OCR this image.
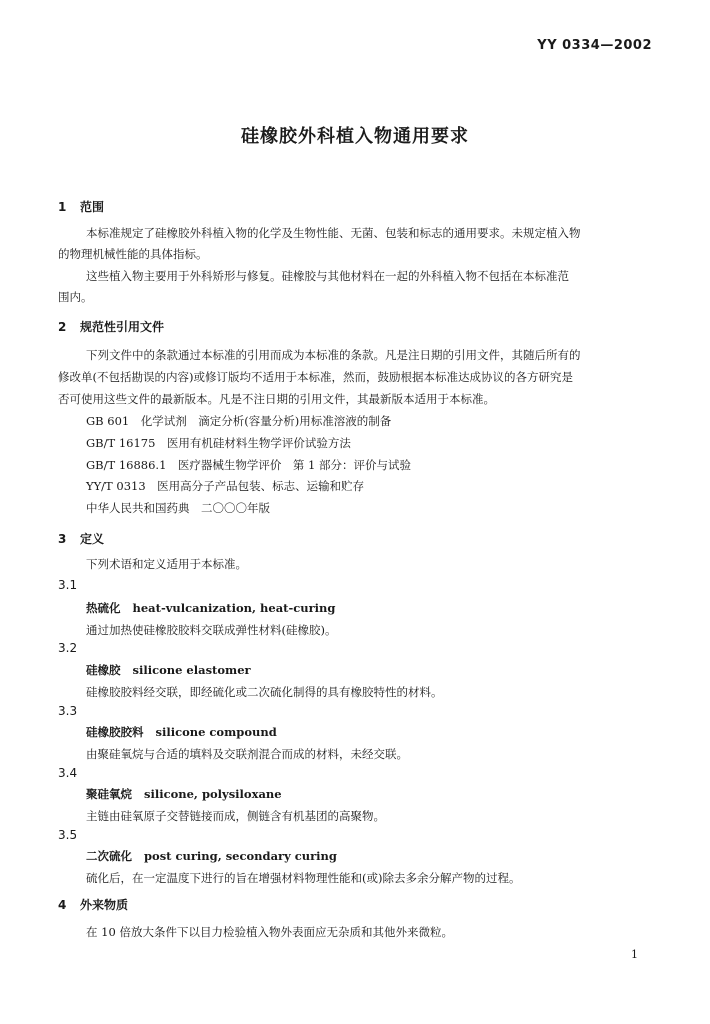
YY 0334—2002
硅橡胶外科植入物通用要求
1 范围
本标准规定了硅橡胶外科植入物的化学及生物性能、无菌、包装和标志的通用要求。未规定植入物
的物理机械性能的具体指标。
这些植入物主要用于外科矫形与修复。硅橡胶与其他材料在一起的外科植入物不包括在本标准范
围内。
2 规范性引用文件
下列文件中的条款通过本标准的引用而成为本标准的条款。凡是注日期的引用文件，其随后所有的
修改单(不包括勘误的内容)或修订版均不适用于本标准，然而，鼓励根据本标准达成协议的各方研究是
否可使用这些文件的最新版本。凡是不注日期的引用文件，其最新版本适用于本标准。
GB 601　化学试剂　滴定分析(容量分析)用标准溶液的制备
GB/T 16175　医用有机硅材料生物学评价试验方法
GB/T 16886.1　医疗器械生物学评价　第 1 部分：评价与试验
YY/T 0313　医用高分子产品包装、标志、运输和贮存
中华人民共和国药典　二〇〇〇年版
3 定义
下列术语和定义适用于本标准。
3.1
热硫化 heat-vulcanization, heat-curing
通过加热使硅橡胶胶料交联成弹性材料(硅橡胶)。
3.2
硅橡胶 silicone elastomer
硅橡胶胶料经交联，即经硫化或二次硫化制得的具有橡胶特性的材料。
3.3
硅橡胶胶料 silicone compound
由聚硅氧烷与合适的填料及交联剂混合而成的材料，未经交联。
3.4
聚硅氧烷 silicone, polysiloxane
主链由硅氧原子交替链接而成，侧链含有机基团的高聚物。
3.5
二次硫化 post curing, secondary curing
硫化后，在一定温度下进行的旨在增强材料物理性能和(或)除去多余分解产物的过程。
4 外来物质
在 10 倍放大条件下以目力检验植入物外表面应无杂质和其他外来微粒。
1
